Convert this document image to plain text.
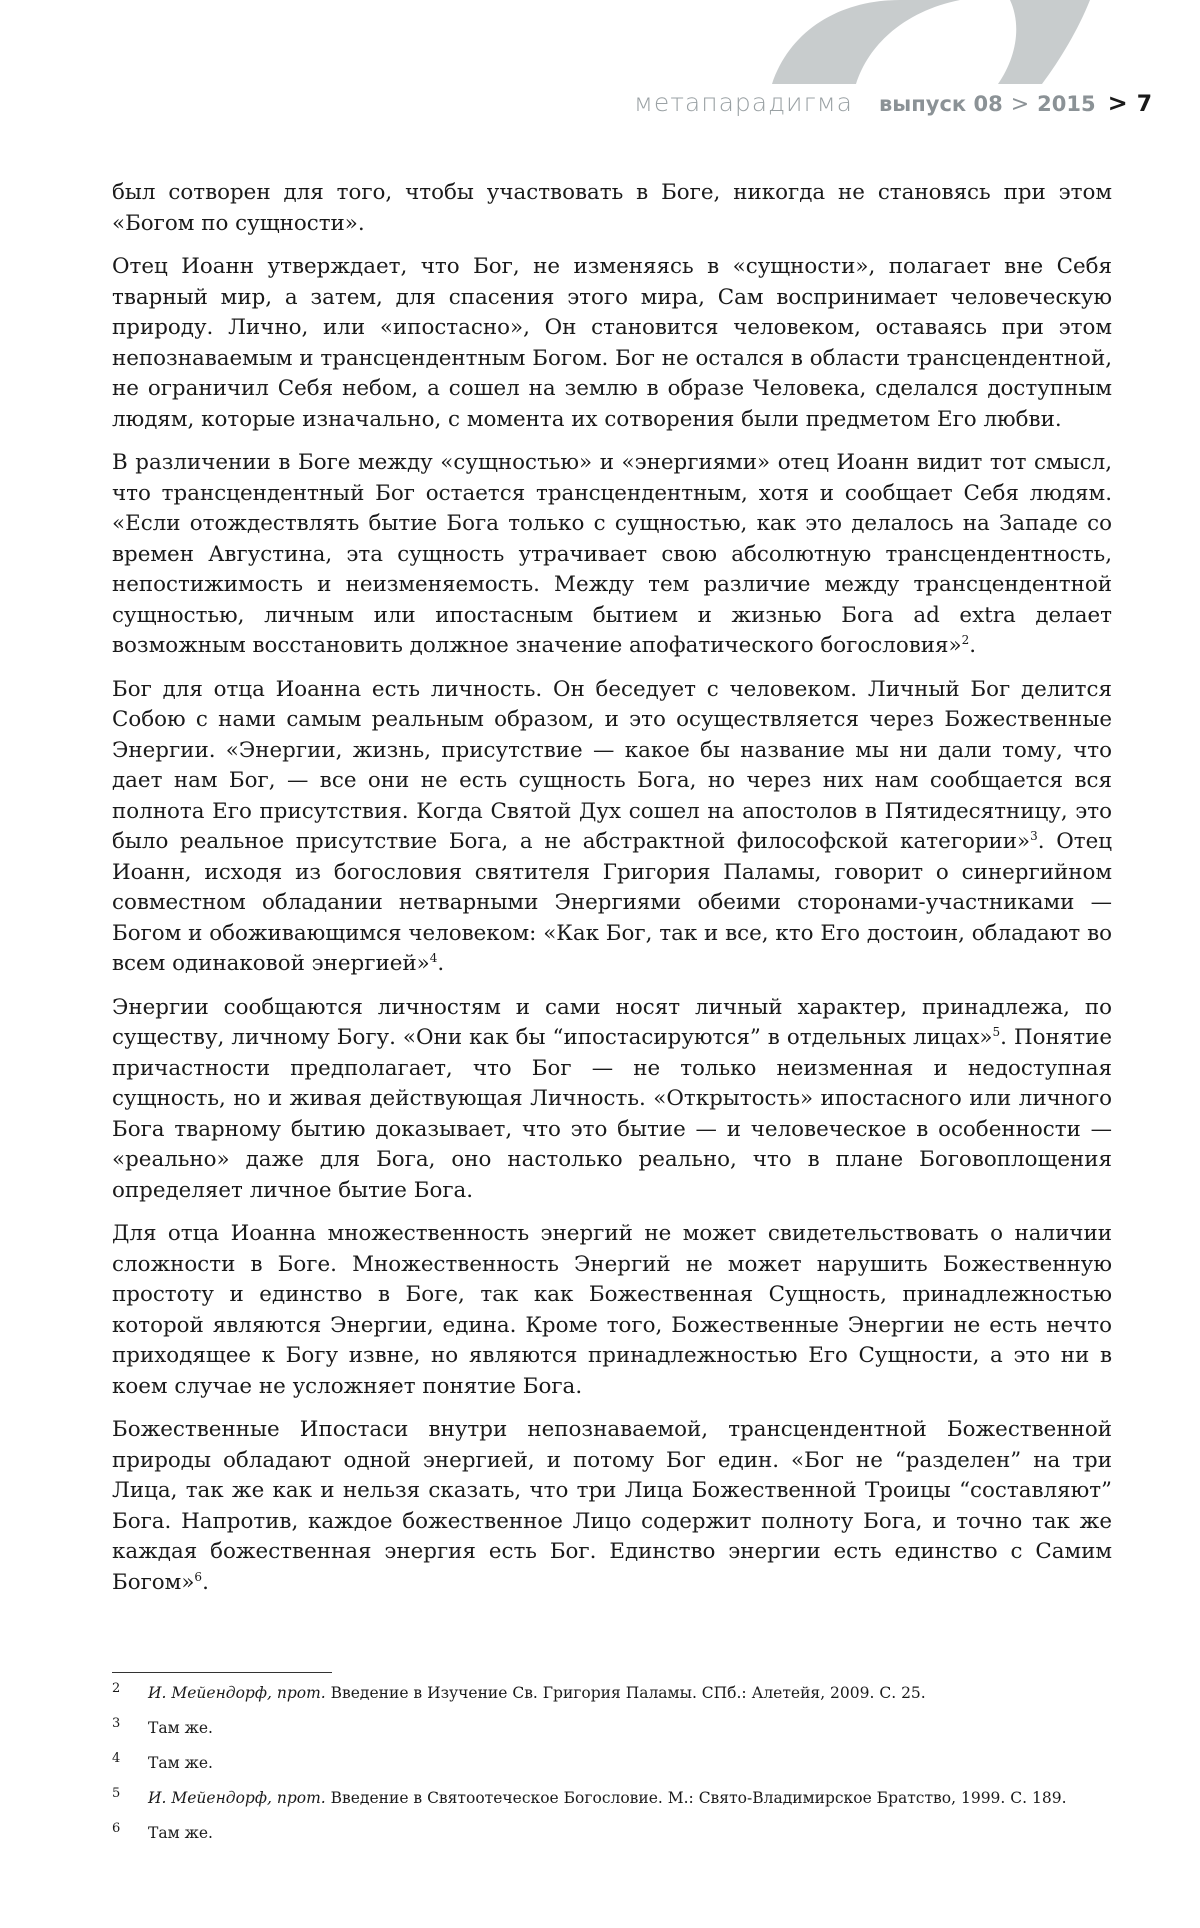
метапарадигма выпуск 08 > 2015 > 7

был сотворен для того, чтобы участвовать в Боге, никогда не становясь при этом «Богом по сущности».

Отец Иоанн утверждает, что Бог, не изменяясь в «сущности», полагает вне Себя тварный мир, а затем, для спасения этого мира, Сам воспринимает человеческую природу. Лично, или «ипостасно», Он становится человеком, оставаясь при этом непознаваемым и трансцендентным Богом. Бог не остался в области трансцендентной, не ограничил Себя небом, а сошел на землю в образе Человека, сделался доступным людям, которые изначально, с момента их сотворения были предметом Его любви.

В различении в Боге между «сущностью» и «энергиями» отец Иоанн видит тот смысл, что трансцендентный Бог остается трансцендентным, хотя и сообщает Себя людям. «Если отождествлять бытие Бога только с сущностью, как это делалось на Западе со времен Августина, эта сущность утрачивает свою абсолютную трансцендентность, непостижимость и неизменяемость. Между тем различие между трансцендентной сущностью, личным или ипостасным бытием и жизнью Бога ad extra делает возможным восстановить должное значение апофатического богословия»$^2$.

Бог для отца Иоанна есть личность. Он беседует с человеком. Личный Бог делится Собою с нами самым реальным образом, и это осуществляется через Божественные Энергии. «Энергии, жизнь, присутствие — какое бы название мы ни дали тому, что дает нам Бог, — все они не есть сущность Бога, но через них нам сообщается вся полнота Его присутствия. Когда Святой Дух сошел на апостолов в Пятидесятницу, это было реальное присутствие Бога, а не абстрактной философской категории»$^3$. Отец Иоанн, исходя из богословия святителя Григория Паламы, говорит о синергийном совместном обладании нетварными Энергиями обеими сторонами-участниками — Богом и обоживающимся человеком: «Как Бог, так и все, кто Его достоин, обладают во всем одинаковой энергией»$^4$.

Энергии сообщаются личностям и сами носят личный характер, принадлежа, по существу, личному Богу. «Они как бы “ипостасируются” в отдельных лицах»$^5$. Понятие причастности предполагает, что Бог — не только неизменная и недоступная сущность, но и живая действующая Личность. «Открытость» ипостасного или личного Бога тварному бытию доказывает, что это бытие — и человеческое в особенности — «реально» даже для Бога, оно настолько реально, что в плане Боговоплощения определяет личное бытие Бога.

Для отца Иоанна множественность энергий не может свидетельствовать о наличии сложности в Боге. Множественность Энергий не может нарушить Божественную простоту и единство в Боге, так как Божественная Сущность, принадлежностью которой являются Энергии, едина. Кроме того, Божественные Энергии не есть нечто приходящее к Богу извне, но являются принадлежностью Его Сущности, а это ни в коем случае не усложняет понятие Бога.

Божественные Ипостаси внутри непознаваемой, трансцендентной Божественной природы обладают одной энергией, и потому Бог един. «Бог не “разделен” на три Лица, так же как и нельзя сказать, что три Лица Божественной Троицы “составляют” Бога. Напротив, каждое божественное Лицо содержит полноту Бога, и точно так же каждая божественная энергия есть Бог. Единство энергии есть единство с Самим Богом»$^6$.

2 И. Мейендорф, прот. Введение в Изучение Св. Григория Паламы. СПб.: Алетейя, 2009. С. 25.
3 Там же.
4 Там же.
5 И. Мейендорф, прот. Введение в Святоотеческое Богословие. М.: Свято-Владимирское Братство, 1999. С. 189.
6 Там же.
